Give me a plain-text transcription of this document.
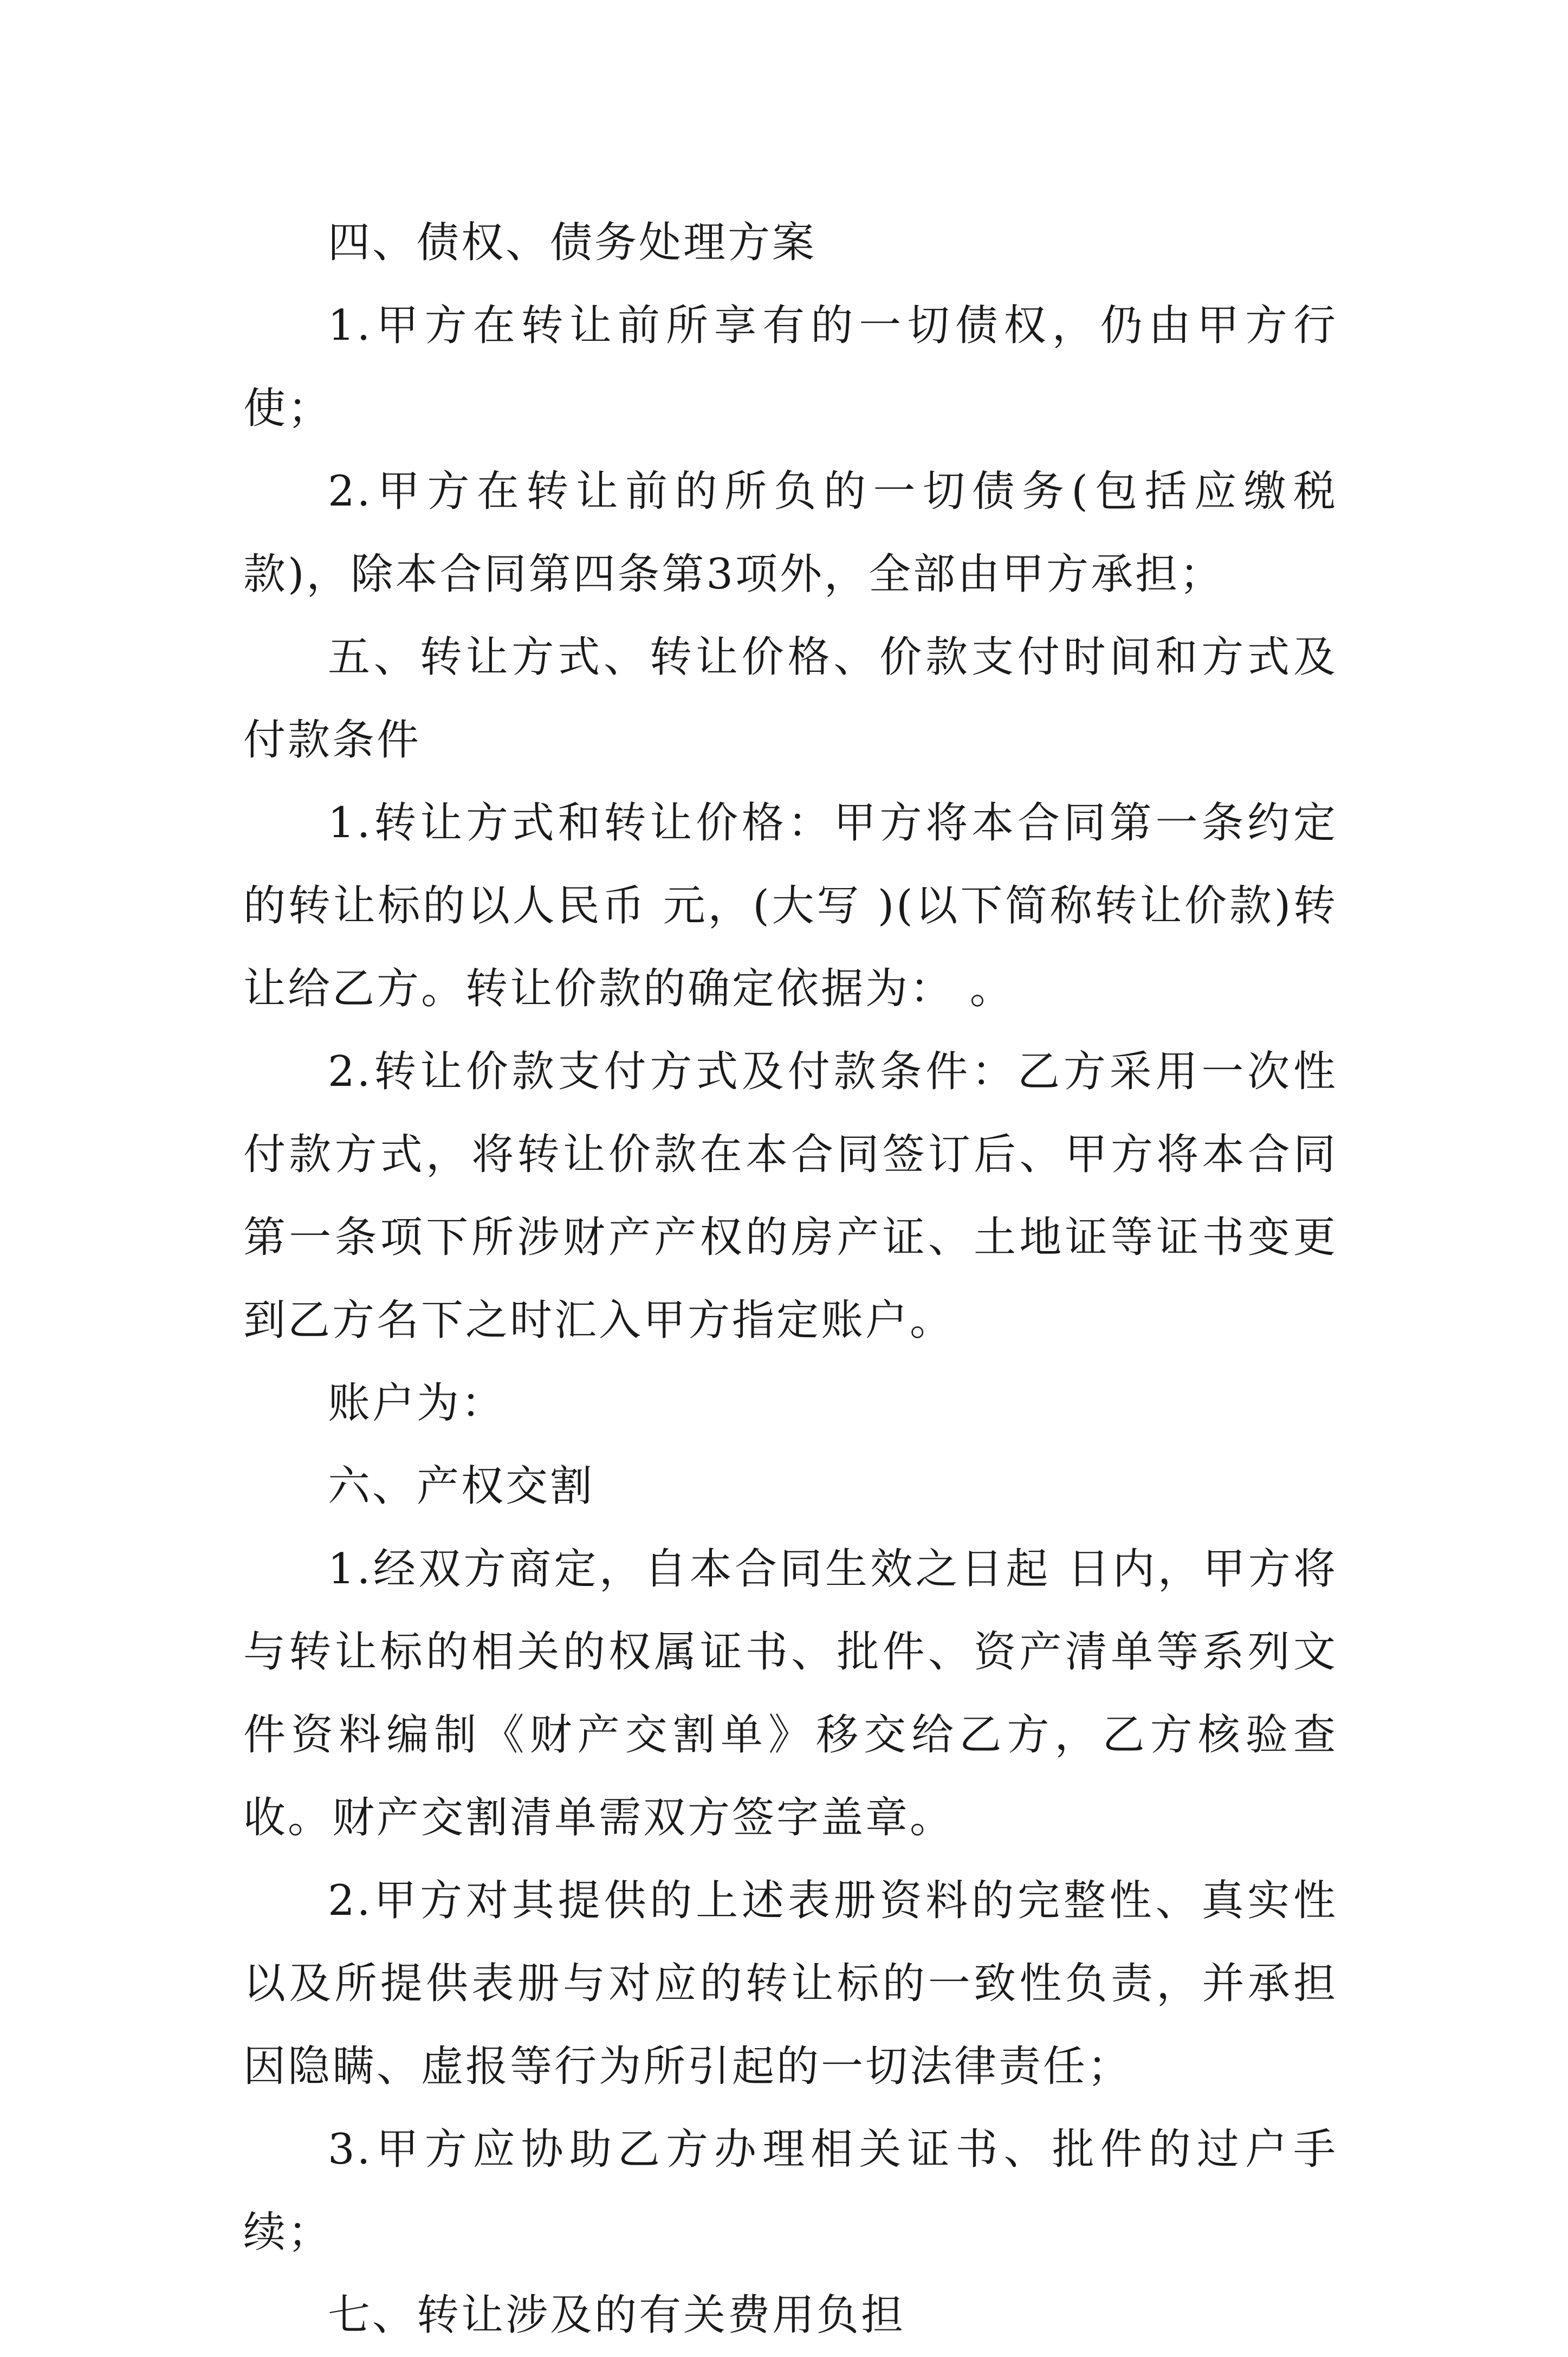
四、债权、债务处理方案

1.甲方在转让前所享有的一切债权，仍由甲方行使；

2.甲方在转让前的所负的一切债务(包括应缴税款)，除本合同第四条第3项外，全部由甲方承担；

五、转让方式、转让价格、价款支付时间和方式及付款条件

1.转让方式和转让价格：甲方将本合同第一条约定的转让标的以人民币 元，(大写 )(以下简称转让价款)转让给乙方。转让价款的确定依据为： 。

2.转让价款支付方式及付款条件：乙方采用一次性付款方式，将转让价款在本合同签订后、甲方将本合同第一条项下所涉财产产权的房产证、土地证等证书变更到乙方名下之时汇入甲方指定账户。

账户为：

六、产权交割

1.经双方商定，自本合同生效之日起 日内，甲方将与转让标的相关的权属证书、批件、资产清单等系列文件资料编制《财产交割单》移交给乙方，乙方核验查收。财产交割清单需双方签字盖章。

2.甲方对其提供的上述表册资料的完整性、真实性以及所提供表册与对应的转让标的一致性负责，并承担因隐瞒、虚报等行为所引起的一切法律责任；

3.甲方应协助乙方办理相关证书、批件的过户手续；

七、转让涉及的有关费用负担
